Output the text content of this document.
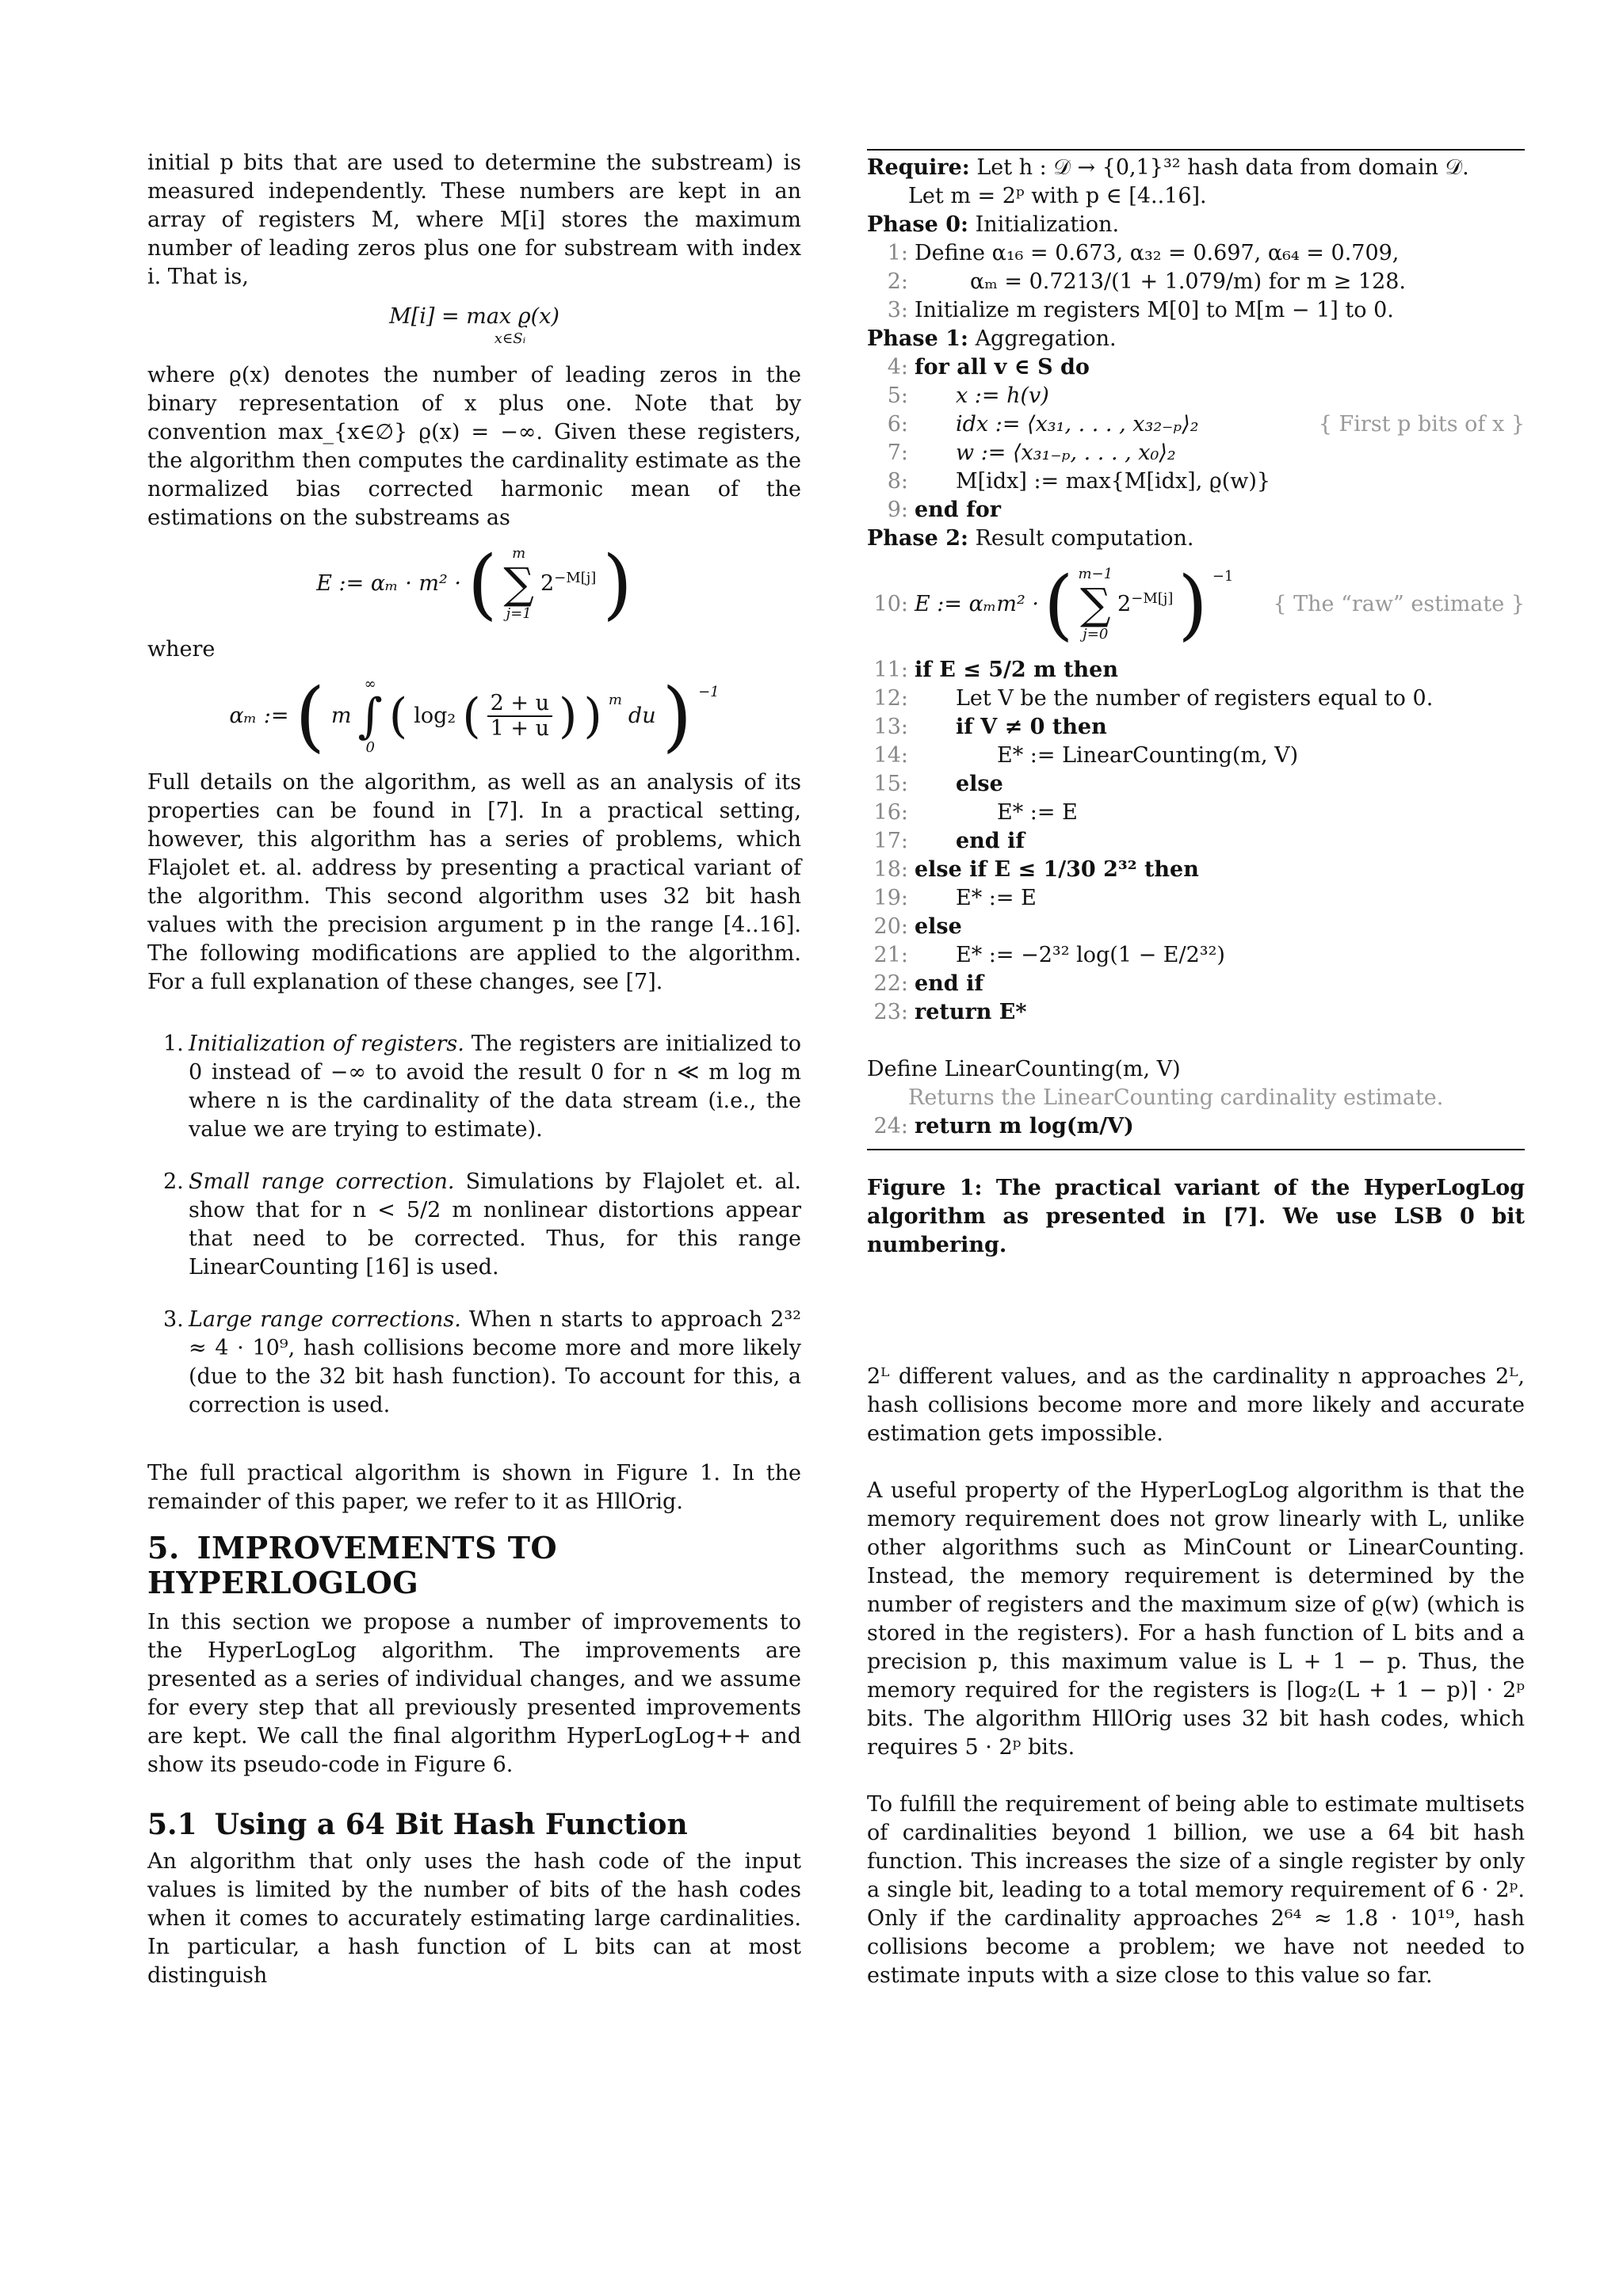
initial p bits that are used to determine the substream) is measured independently. These numbers are kept in an array of registers M, where M[i] stores the maximum number of leading zeros plus one for substream with index i. That is,

M[i] = max ϱ(x)
x∈Sᵢ

where ϱ(x) denotes the number of leading zeros in the binary representation of x plus one. Note that by convention max_{x∈∅} ϱ(x) = −∞. Given these registers, the algorithm then computes the cardinality estimate as the normalized bias corrected harmonic mean of the estimations on the substreams as

E := αₘ · m² · ( m
∑
j=1
$2^{-M[j]}$ )

where

αₘ := ( m
∞
∫
0
( log₂ ( $\frac{2 + u}{1 + u}$ ) ) m
du ) −1

Full details on the algorithm, as well as an analysis of its properties can be found in [7]. In a practical setting, however, this algorithm has a series of problems, which Flajolet et. al. address by presenting a practical variant of the algorithm. This second algorithm uses 32 bit hash values with the precision argument p in the range [4..16]. The following modifications are applied to the algorithm. For a full explanation of these changes, see [7].

1. Initialization of registers. The registers are initialized to 0 instead of −∞ to avoid the result 0 for n ≪ m log m where n is the cardinality of the data stream (i.e., the value we are trying to estimate).
2. Small range correction. Simulations by Flajolet et. al. show that for n < 5/2 m nonlinear distortions appear that need to be corrected. Thus, for this range LinearCounting [16] is used.
3. Large range corrections. When n starts to approach 2³² ≈ 4 · 10⁹, hash collisions become more and more likely (due to the 32 bit hash function). To account for this, a correction is used.

The full practical algorithm is shown in Figure 1. In the remainder of this paper, we refer to it as HllOrig.

5. IMPROVEMENTS TO HYPERLOGLOG

In this section we propose a number of improvements to the HyperLogLog algorithm. The improvements are presented as a series of individual changes, and we assume for every step that all previously presented improvements are kept. We call the final algorithm HyperLogLog++ and show its pseudo-code in Figure 6.

5.1 Using a 64 Bit Hash Function

An algorithm that only uses the hash code of the input values is limited by the number of bits of the hash codes when it comes to accurately estimating large cardinalities. In particular, a hash function of L bits can at most distinguish

Require: Let h : 𝒟 → {0,1}³² hash data from domain 𝒟.
Let m = 2ᵖ with p ∈ [4..16].
Phase 0: Initialization.
1: Define α₁₆ = 0.673, α₃₂ = 0.697, α₆₄ = 0.709,
2:	αₘ = 0.7213/(1 + 1.079/m) for m ≥ 128.
3: Initialize m registers M[0] to M[m − 1] to 0.
Phase 1: Aggregation.
4: for all v ∈ S do
5:	x := h(v)
6:	idx := ⟨x₃₁, . . . , x₃₂₋ₚ⟩₂	{ First p bits of x }
7:	w := ⟨x₃₁₋ₚ, . . . , x₀⟩₂
8:	M[idx] := max{M[idx], ϱ(w)}
9: end for
Phase 2: Result computation.
10: E := αₘm² · ( m−1
∑
j=0
$2^{-M[j]}$ ) −1
{ The “raw” estimate }
11: if E ≤ 5/2 m then
12:	Let V be the number of registers equal to 0.
13:	if V ≠ 0 then
14:	E* := LinearCounting(m, V)
15:	else
16:	E* := E
17:	end if
18: else if E ≤ 1/30 2³² then
19:	E* := E
20: else
21:	E* := −2³² log(1 − E/2³²)
22: end if
23: return E*
Define LinearCounting(m, V)
Returns the LinearCounting cardinality estimate.
24: return m log(m/V)

Figure 1: The practical variant of the HyperLogLog algorithm as presented in [7]. We use LSB 0 bit numbering.

2ᴸ different values, and as the cardinality n approaches 2ᴸ, hash collisions become more and more likely and accurate estimation gets impossible.

A useful property of the HyperLogLog algorithm is that the memory requirement does not grow linearly with L, unlike other algorithms such as MinCount or LinearCounting. Instead, the memory requirement is determined by the number of registers and the maximum size of ϱ(w) (which is stored in the registers). For a hash function of L bits and a precision p, this maximum value is L + 1 − p. Thus, the memory required for the registers is ⌈log₂(L + 1 − p)⌉ · 2ᵖ bits. The algorithm HllOrig uses 32 bit hash codes, which requires 5 · 2ᵖ bits.

To fulfill the requirement of being able to estimate multisets of cardinalities beyond 1 billion, we use a 64 bit hash function. This increases the size of a single register by only a single bit, leading to a total memory requirement of 6 · 2ᵖ. Only if the cardinality approaches 2⁶⁴ ≈ 1.8 · 10¹⁹, hash collisions become a problem; we have not needed to estimate inputs with a size close to this value so far.
